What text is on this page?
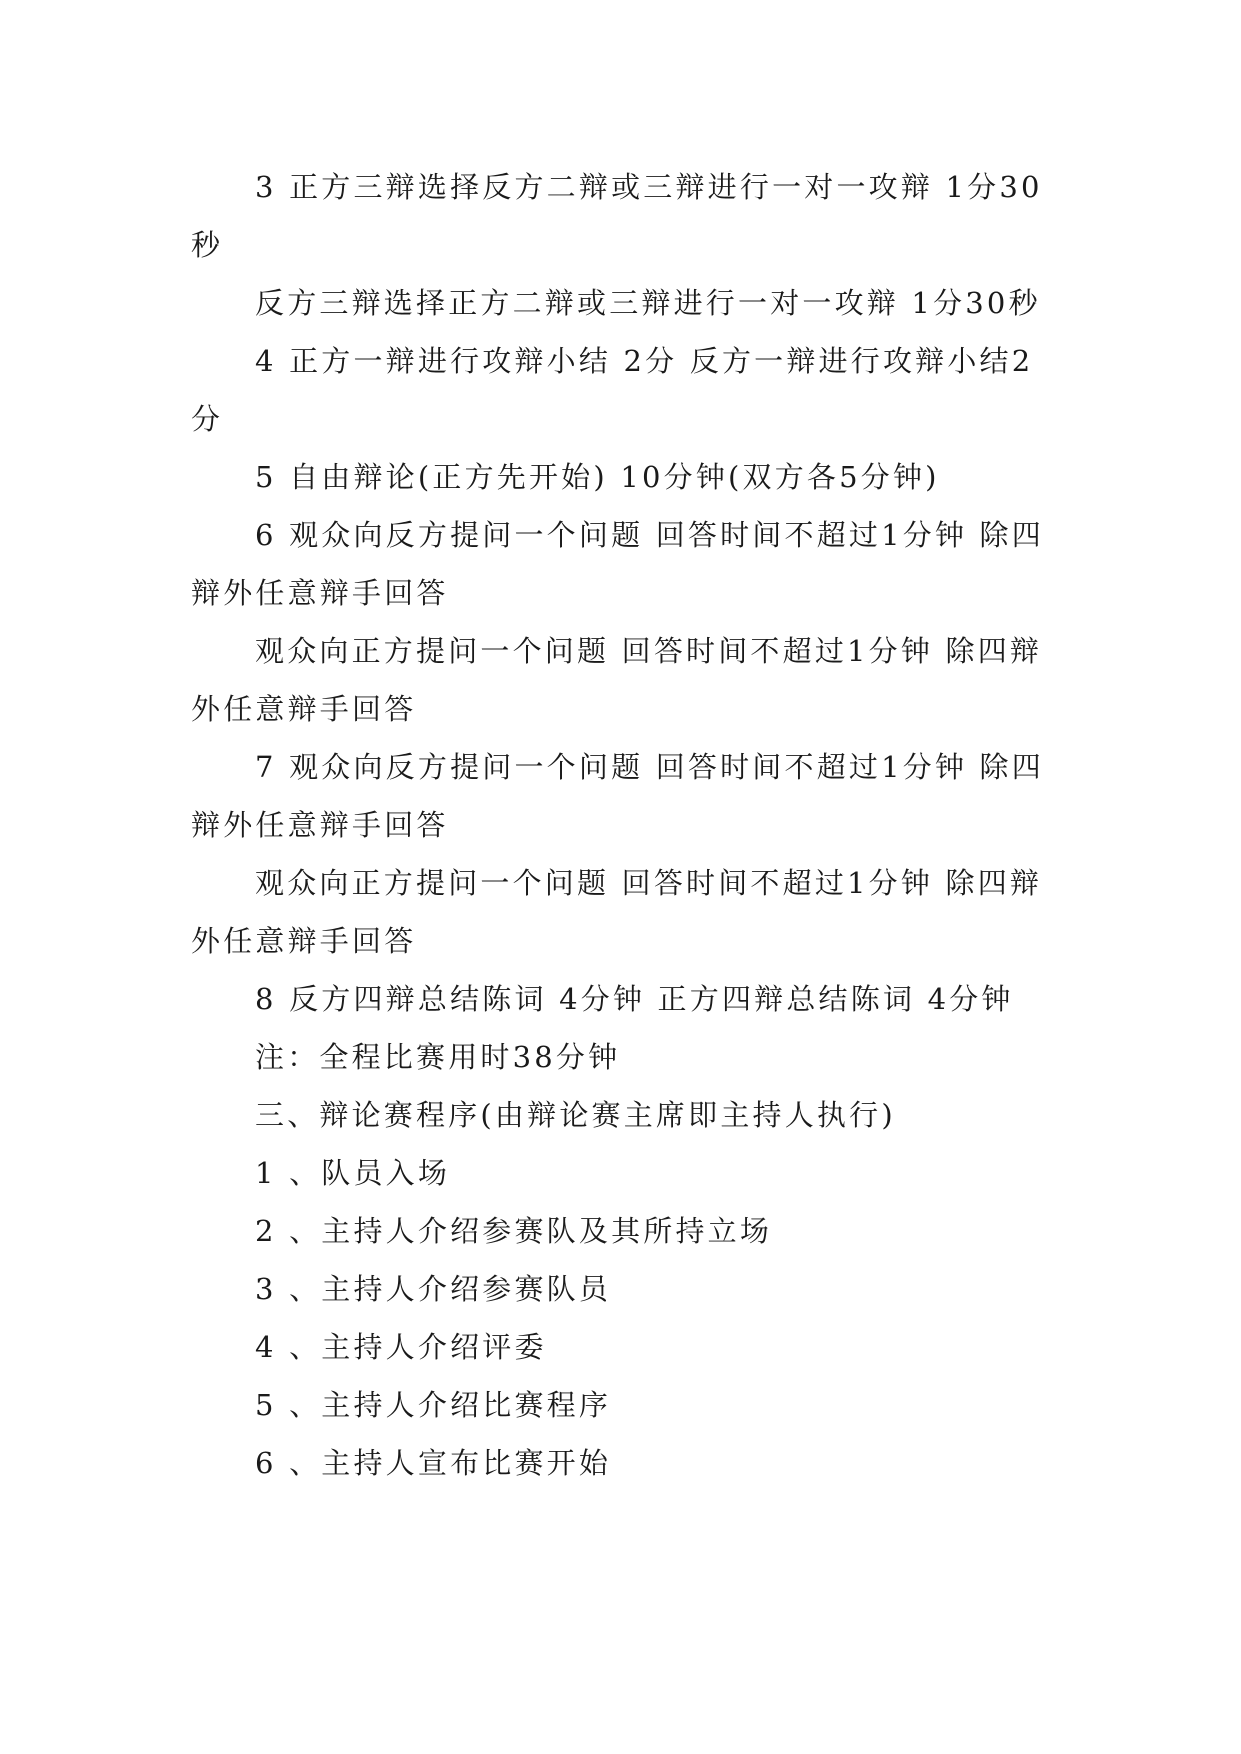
3 正方三辩选择反方二辩或三辩进行一对一攻辩 1分30秒

反方三辩选择正方二辩或三辩进行一对一攻辩 1分30秒

4 正方一辩进行攻辩小结 2分 反方一辩进行攻辩小结2分

5 自由辩论(正方先开始) 10分钟(双方各5分钟)

6 观众向反方提问一个问题 回答时间不超过1分钟 除四辩外任意辩手回答

观众向正方提问一个问题 回答时间不超过1分钟 除四辩外任意辩手回答

7 观众向反方提问一个问题 回答时间不超过1分钟 除四辩外任意辩手回答

观众向正方提问一个问题 回答时间不超过1分钟 除四辩外任意辩手回答

8 反方四辩总结陈词 4分钟 正方四辩总结陈词 4分钟

注：全程比赛用时38分钟

三、辩论赛程序(由辩论赛主席即主持人执行)

1 、队员入场

2 、主持人介绍参赛队及其所持立场

3 、主持人介绍参赛队员

4 、主持人介绍评委

5 、主持人介绍比赛程序

6 、主持人宣布比赛开始
